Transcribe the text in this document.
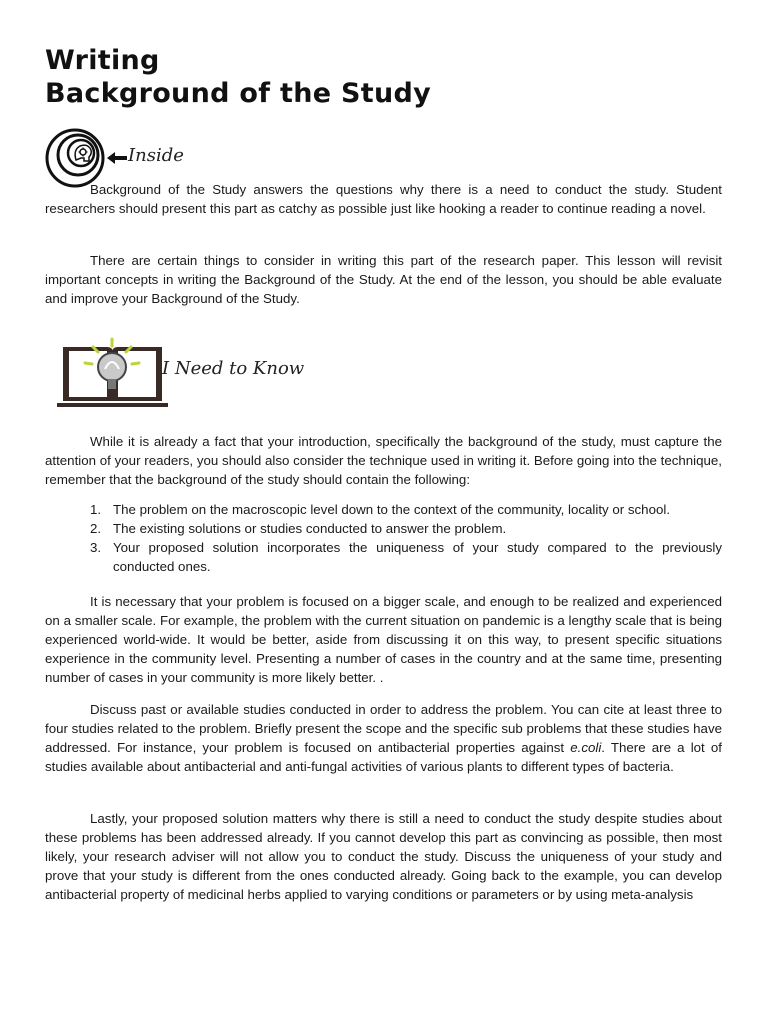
Writing
Background of the Study
Inside

Background of the Study answers the questions why there is a need to conduct the study. Student researchers should present this part as catchy as possible just like hooking a reader to continue reading a novel.

There are certain things to consider in writing this part of the research paper. This lesson will revisit important concepts in writing the Background of the Study. At the end of the lesson, you should be able evaluate and improve your Background of the Study.

I Need to Know

While it is already a fact that your introduction, specifically the background of the study, must capture the attention of your readers, you should also consider the technique used in writing it. Before going into the technique, remember that the background of the study should contain the following:

1. The problem on the macroscopic level down to the context of the community, locality or school.
2. The existing solutions or studies conducted to answer the problem.
3. Your proposed solution incorporates the uniqueness of your study compared to the previously conducted ones.

It is necessary that your problem is focused on a bigger scale, and enough to be realized and experienced on a smaller scale. For example, the problem with the current situation on pandemic is a lengthy scale that is being experienced world-wide. It would be better, aside from discussing it on this way, to present specific situations experience in the community level. Presenting a number of cases in the country and at the same time, presenting number of cases in your community is more likely better. .

Discuss past or available studies conducted in order to address the problem. You can cite at least three to four studies related to the problem. Briefly present the scope and the specific sub problems that these studies have addressed. For instance, your problem is focused on antibacterial properties against e.coli. There are a lot of studies available about antibacterial and anti-fungal activities of various plants to different types of bacteria.

Lastly, your proposed solution matters why there is still a need to conduct the study despite studies about these problems has been addressed already. If you cannot develop this part as convincing as possible, then most likely, your research adviser will not allow you to conduct the study. Discuss the uniqueness of your study and prove that your study is different from the ones conducted already. Going back to the example, you can develop antibacterial property of medicinal herbs applied to varying conditions or parameters or by using meta-analysis
